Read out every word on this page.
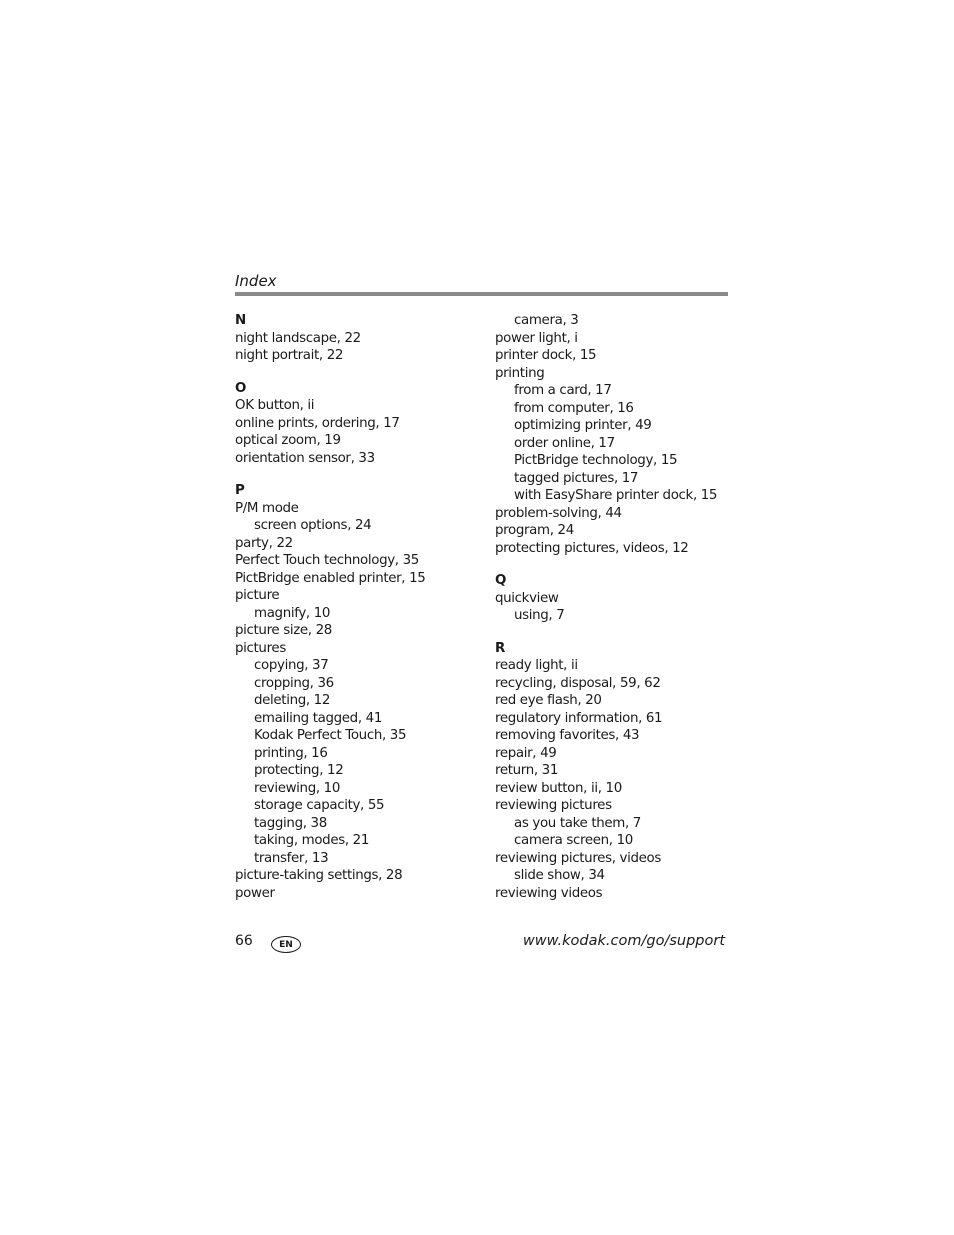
Index
N
night landscape, 22
night portrait, 22
O
OK button, ii
online prints, ordering, 17
optical zoom, 19
orientation sensor, 33
P
P/M mode
screen options, 24
party, 22
Perfect Touch technology, 35
PictBridge enabled printer, 15
picture
magnify, 10
picture size, 28
pictures
copying, 37
cropping, 36
deleting, 12
emailing tagged, 41
Kodak Perfect Touch, 35
printing, 16
protecting, 12
reviewing, 10
storage capacity, 55
tagging, 38
taking, modes, 21
transfer, 13
picture-taking settings, 28
power
camera, 3
power light, i
printer dock, 15
printing
from a card, 17
from computer, 16
optimizing printer, 49
order online, 17
PictBridge technology, 15
tagged pictures, 17
with EasyShare printer dock, 15
problem-solving, 44
program, 24
protecting pictures, videos, 12
Q
quickview
using, 7
R
ready light, ii
recycling, disposal, 59, 62
red eye flash, 20
regulatory information, 61
removing favorites, 43
repair, 49
return, 31
review button, ii, 10
reviewing pictures
as you take them, 7
camera screen, 10
reviewing pictures, videos
slide show, 34
reviewing videos
66	EN	www.kodak.com/go/support
